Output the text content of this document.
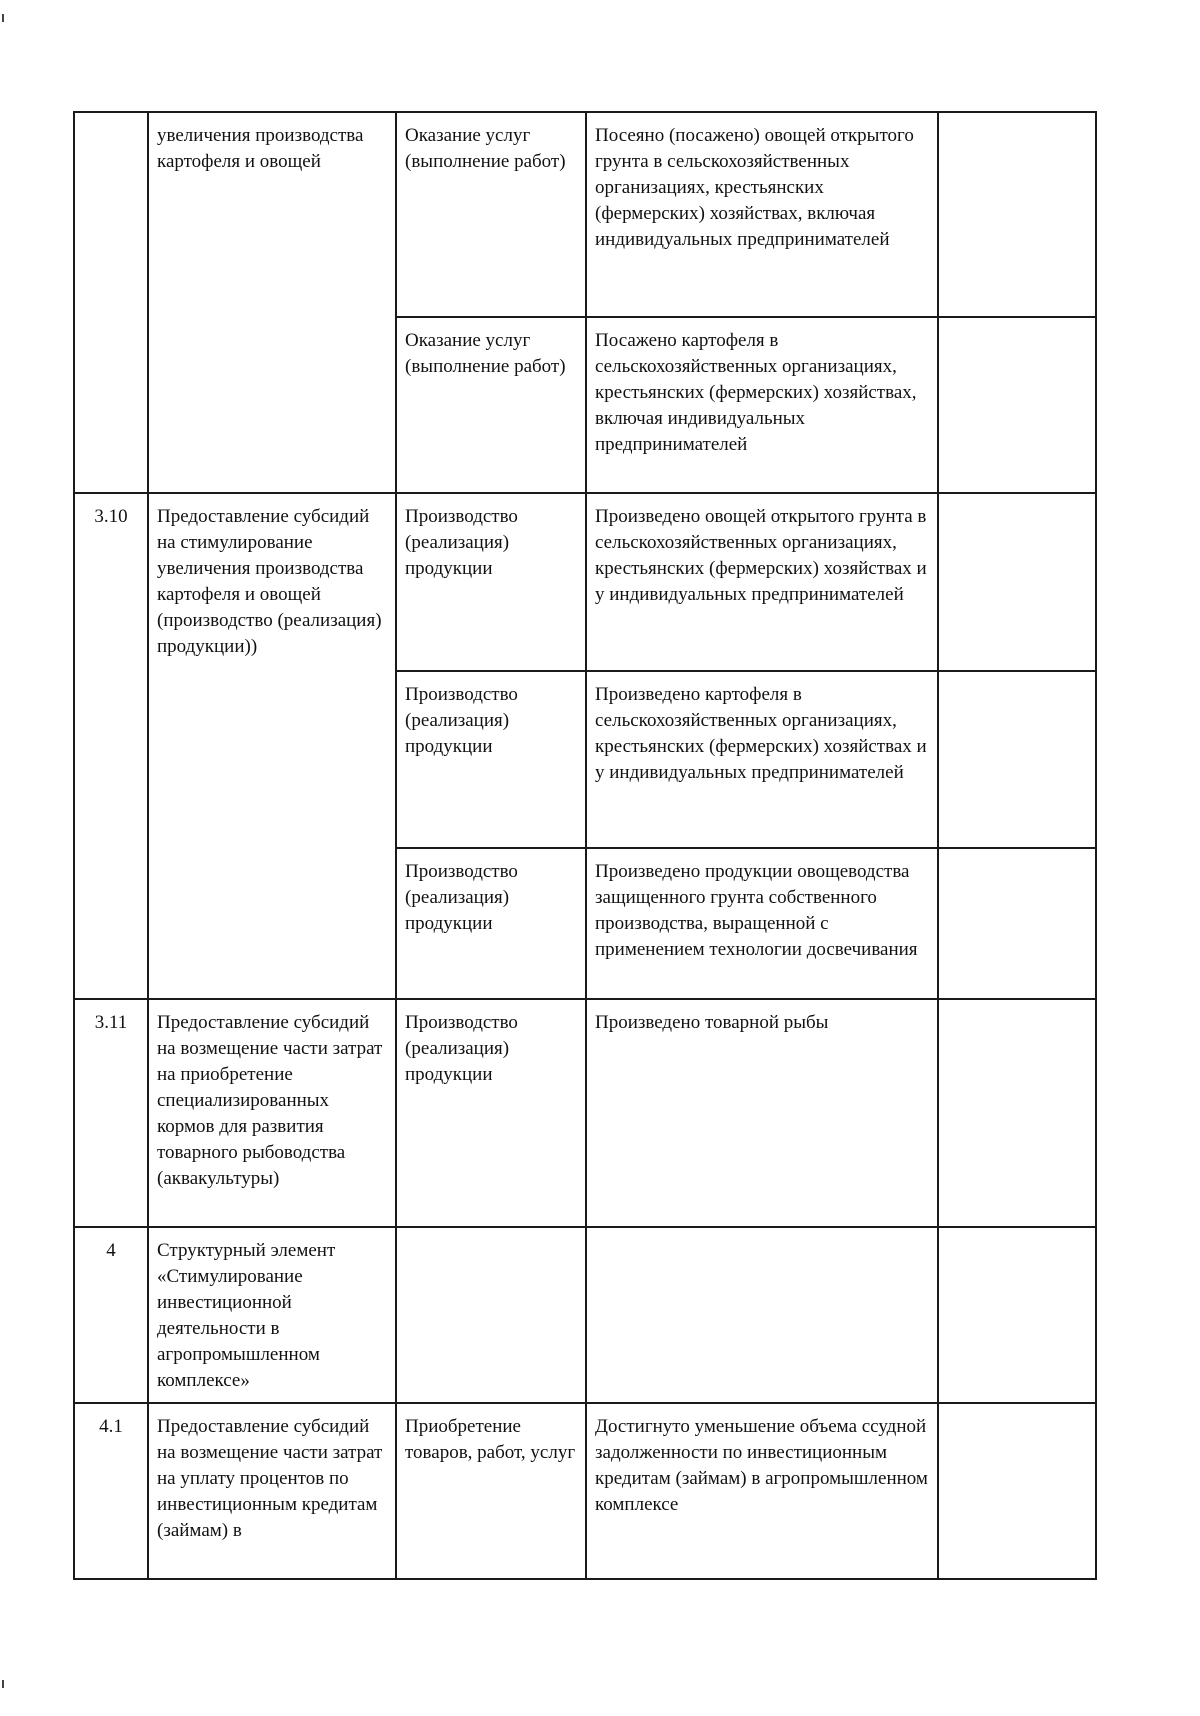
	увеличения производства картофеля и овощей	Оказание услуг (выполнение работ)	Посеяно (посажено) овощей открытого грунта в сельскохозяйственных организациях, крестьянских (фермерских) хозяйствах, включая индивидуальных предпринимателей	
		Оказание услуг (выполнение работ)	Посажено картофеля в сельскохозяйственных организациях, крестьянских (фермерских) хозяйствах, включая индивидуальных предпринимателей	
3.10	Предоставление субсидий на стимулирование увеличения производства картофеля и овощей (производство (реализация) продукции))	Производство (реализация) продукции	Произведено овощей открытого грунта в сельскохозяйственных организациях, крестьянских (фермерских) хозяйствах и у индивидуальных предпринимателей	
		Производство (реализация) продукции	Произведено картофеля в сельскохозяйственных организациях, крестьянских (фермерских) хозяйствах и у индивидуальных предпринимателей	
		Производство (реализация) продукции	Произведено продукции овощеводства защищенного грунта собственного производства, выращенной с применением технологии досвечивания	
3.11	Предоставление субсидий на возмещение части затрат на приобретение специализированных кормов для развития товарного рыбоводства (аквакультуры)	Производство (реализация) продукции	Произведено товарной рыбы	
4	Структурный элемент «Стимулирование инвестиционной деятельности в агропромышленном комплексе»			
4.1	Предоставление субсидий на возмещение части затрат на уплату процентов по инвестиционным кредитам (займам) в	Приобретение товаров, работ, услуг	Достигнуто уменьшение объема ссудной задолженности по инвестиционным кредитам (займам) в агропромышленном комплексе	
